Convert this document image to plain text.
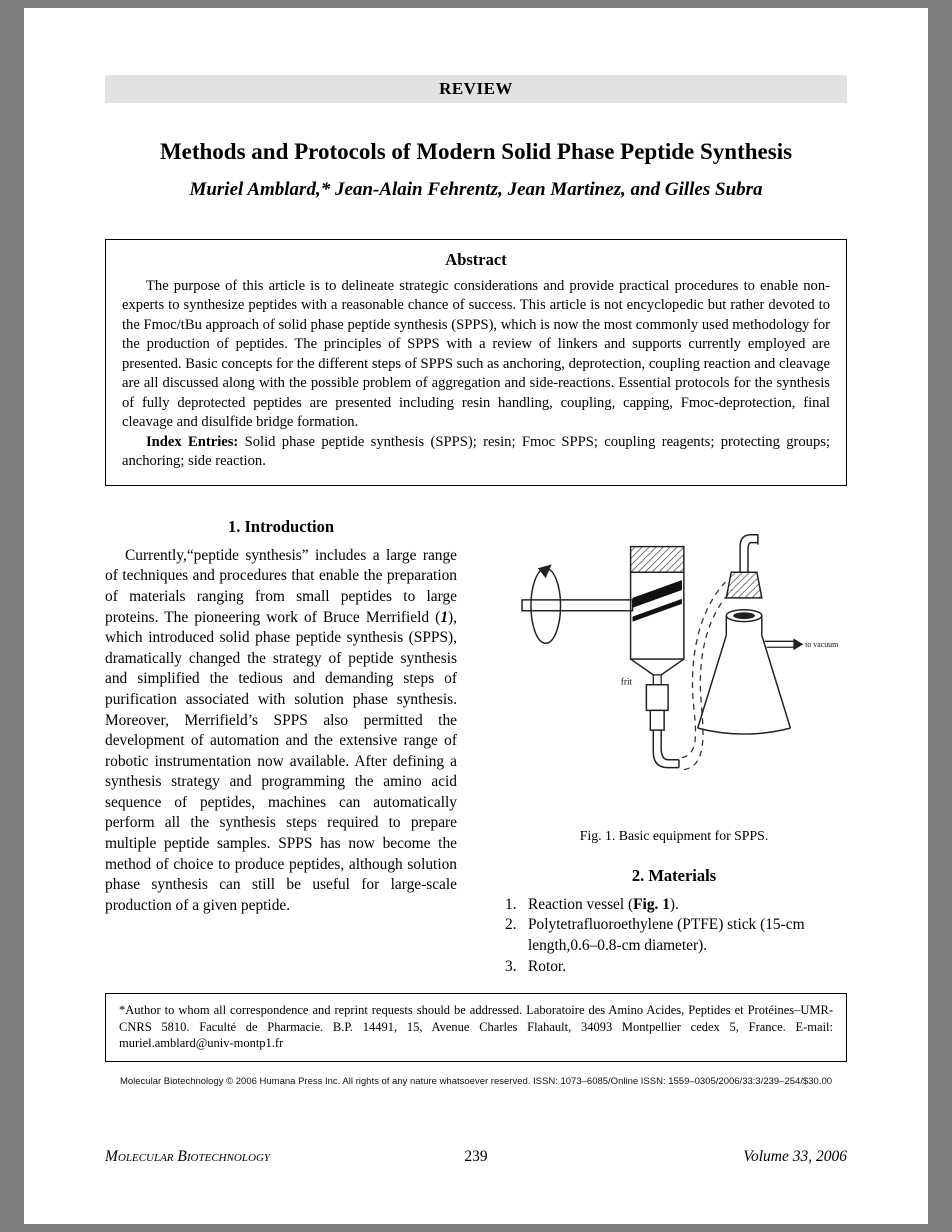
REVIEW
Methods and Protocols of Modern Solid Phase Peptide Synthesis
Muriel Amblard,* Jean-Alain Fehrentz, Jean Martinez, and Gilles Subra
Abstract

The purpose of this article is to delineate strategic considerations and provide practical procedures to enable non-experts to synthesize peptides with a reasonable chance of success. This article is not encyclopedic but rather devoted to the Fmoc/tBu approach of solid phase peptide synthesis (SPPS), which is now the most commonly used methodology for the production of peptides. The principles of SPPS with a review of linkers and supports currently employed are presented. Basic concepts for the different steps of SPPS such as anchoring, deprotection, coupling reaction and cleavage are all discussed along with the possible problem of aggregation and side-reactions. Essential protocols for the synthesis of fully deprotected peptides are presented including resin handling, coupling, capping, Fmoc-deprotection, final cleavage and disulfide bridge formation.

Index Entries: Solid phase peptide synthesis (SPPS); resin; Fmoc SPPS; coupling reagents; protecting groups; anchoring; side reaction.

1. Introduction

Currently,“peptide synthesis” includes a large range of techniques and procedures that enable the preparation of materials ranging from small peptides to large proteins. The pioneering work of Bruce Merrifield (1), which introduced solid phase peptide synthesis (SPPS), dramatically changed the strategy of peptide synthesis and simplified the tedious and demanding steps of purification associated with solution phase synthesis. Moreover, Merrifield’s SPPS also permitted the development of automation and the extensive range of robotic instrumentation now available. After defining a synthesis strategy and programming the amino acid sequence of peptides, machines can automatically perform all the synthesis steps required to prepare multiple peptide samples. SPPS has now become the method of choice to produce peptides, although solution phase synthesis can still be useful for large-scale production of a given peptide.

frit
to vacuum
Fig. 1. Basic equipment for SPPS.
2. Materials
1. Reaction vessel (Fig. 1).
2. Polytetrafluoroethylene (PTFE) stick (15-cm length,0.6–0.8-cm diameter).
3. Rotor.
*Author to whom all correspondence and reprint requests should be addressed. Laboratoire des Amino Acides, Peptides et Protéines–UMR-CNRS 5810. Faculté de Pharmacie. B.P. 14491, 15, Avenue Charles Flahault, 34093 Montpellier cedex 5, France. E-mail: muriel.amblard@univ-montp1.fr
Molecular Biotechnology © 2006 Humana Press Inc. All rights of any nature whatsoever reserved. ISSN: 1073–6085/Online ISSN: 1559–0305/2006/33:3/239–254/$30.00
Molecular Biotechnology	239	Volume 33, 2006
